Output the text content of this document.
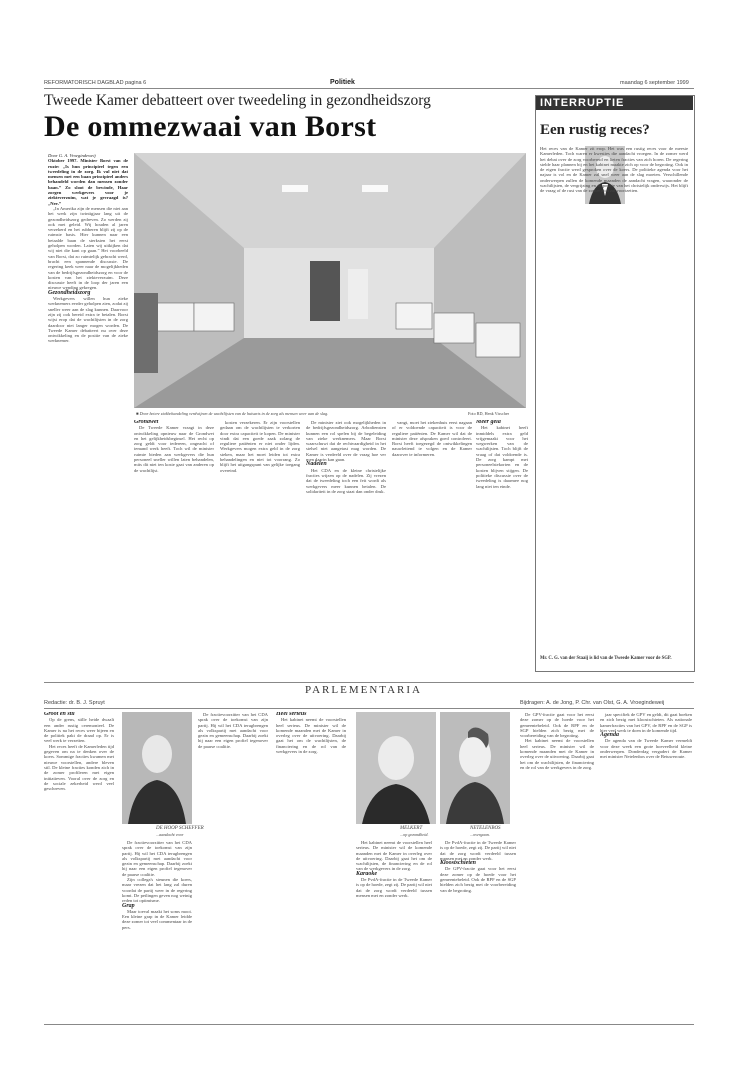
REFORMATORISCH DAGBLAD pagina 6	Politiek	maandag 6 september 1999
Tweede Kamer debatteert over tweedeling in gezondheidszorg
De ommezwaai van Borst

Door G. A. Vroegindeweij

Oktober 1997. Minister Borst van de ruzie: „Is hun principieel tegen een tweedeling in de zorg. Ik vul niet dat mensen met een baan principieel anders behandeld worden dan mensen zonder baan.” Zo sloot de bewinde, Haar zorgen werkgevers voor je ziekteverzuim, wat je gevraagd is? „Nee.”

„In Amerika zijn de mensen die niet aan het werk zijn twintigjaar lang uit de gezondheidszorg gedreven. Zo werden zij ook met geleid. Wij houden al jaren verzekerd en het rubberen blijft zij op de ruimste basis. Hier kunnen naar een betaalde baan de sterksten het eerst geholpen worden. Laten wij uitkijken dat wij niet die kant op gaan.” Het voorbeeld van Borst, dat zo ruimtelijk gebracht werd, bracht een spannende discussie. De regering keek weer naar de mogelijkheden van de bedrijfsgezondheidszorg en voor de kosten van het ziekteverzuim. Deze discussie heeft in de loop der jaren een nieuwe wending gekregen.

Gezondheidszorg

Werkgevers willen hun zieke werknemers eerder geholpen zien, zodat zij sneller weer aan de slag kunnen. Daarvoor zijn zij ook bereid extra te betalen. Borst wijst erop dat de wachtlijsten in de zorg daardoor niet langer mogen worden. De Tweede Kamer debatteert nu over deze ontwikkeling en de positie van de zieke werknemer.

■ Door betere ziekbehandeling verdwijnen de wachtlijsten van de huisarts in de zorg als mensen weer aan de slag.	Foto RD, Henk Visscher

Grondwet

De Tweede Kamer vraagt in deze ontwikkeling opnieuw naar de Grondwet en het gelijkheidsbeginsel. Het recht op zorg geldt voor iedereen, ongeacht of iemand werk heeft. Toch wil de minister ruimte bieden aan werkgevers die hun personeel sneller willen laten behandelen, mits dit niet ten koste gaat van anderen op de wachtlijst.

kosten verzekeren. Er zijn voorstellen gedaan om de wachtlijsten te verkorten door extra capaciteit te kopen. De minister vindt dat een goede zaak zolang de reguliere patiënten er niet onder lijden. Werkgevers mogen extra geld in de zorg steken, maar het moet leiden tot extra behandelingen en niet tot voorrang. Zo blijft het uitgangspunt van gelijke toegang overeind.

De minister ziet ook mogelijkheden in de bedrijfsgezondheidszorg. Arbodiensten kunnen een rol spelen bij de begeleiding van zieke werknemers. Maar Borst waarschuwt dat de rechtvaardigheid in het stelsel niet aangetast mag worden. De Kamer is verdeeld over de vraag hoe ver men daarin kan gaan.

Nadelen

Het CDA en de kleine christelijke fracties wijzen op de nadelen. Zij vrezen dat de tweedeling toch een feit wordt als werkgevers meer kunnen betalen. De solidariteit in de zorg staat dan onder druk.

vangt, moet het ziekenhuis eerst nagaan of er voldoende capaciteit is voor de reguliere patiënten. De Kamer wil dat de minister deze afspraken goed controleert. Borst heeft toegezegd de ontwikkelingen nauwlettend te volgen en de Kamer daarover te informeren.

Meer geld

Het kabinet heeft inmiddels extra geld vrijgemaakt voor het wegwerken van de wachtlijsten. Toch blijft de vraag of dat voldoende is. De zorg kampt met personeelstekorten en de kosten blijven stijgen. De politieke discussie over de tweedeling is daarmee nog lang niet ten einde.

INTERRUPTIE
Een rustig reces?
Het reces van de Kamer zit erop. Het was een rustig reces voor de meeste Kamerleden. Toch waren er kwesties die aandacht vroegen. In de zomer werd het debat over de zorg voorbereid en lieten fracties van zich horen. De regering stelde haar plannen bij en het kabinet maakte zich op voor de begroting. Ook in de eigen fractie werd gesproken over de koers. De politieke agenda voor het najaar is vol en de Kamer zal snel weer aan de slag moeten. Verschillende onderwerpen zullen de komende maanden de aandacht vragen, waaronder de wachtlijsten, de vergrijzing en de positie van het christelijk onderwijs. Het blijft de vraag of de rust van de zomer zich zal voortzetten.
Mr. C. G. van der Staaij is lid van de Tweede Kamer voor de SGP.
PARLEMENTARIA
Redactie: dr. B. J. Spruyt	Bijdragen: A. de Jong, P. Chr. van Olst, G. A. Vroegindeweij

Groot en stil

Op de grens, stille heide dwaalt een ander rustig ceremonieel. De Kamer is na het reces weer bijeen en de politiek pakt de draad op. Er is veel werk te verzetten.

Het reces heeft de Kamerleden tijd gegeven om na te denken over de koers. Sommige fracties kwamen met nieuwe voorstellen, andere bleven stil. De kleine fracties konden zich in de zomer profileren met eigen initiatieven. Vooral over de zorg en de sociale zekerheid werd veel geschreven.

DE HOOP SCHEFFER
...aandacht voor

De fractievoorzitter van het CDA sprak over de toekomst van zijn partij. Hij wil het CDA terugbrengen als volkspartij met aandacht voor gezin en gemeenschap. Daarbij zoekt hij naar een eigen profiel tegenover de paarse coalitie.

Zijn collega's steunen die koers, maar vrezen dat het lang zal duren voordat de partij weer in de regering komt. De peilingen geven nog weinig reden tot optimisme.

Grap

Maar toeval maakt het soms mooi. Een kleine grap in de Kamer leidde deze zomer tot veel commentaar in de pers.

De fractievoorzitter van het CDA sprak over de toekomst van zijn partij. Hij wil het CDA terugbrengen als volkspartij met aandacht voor gezin en gemeenschap. Daarbij zoekt hij naar een eigen profiel tegenover de paarse coalitie.

Heel serieus

Het kabinet neemt de voorstellen heel serieus. De minister wil de komende maanden met de Kamer in overleg over de uitvoering. Daarbij gaat het om de wachtlijsten, de financiering en de rol van de werkgevers in de zorg.

MELKERT
...op gezondheid.
NETELENBOS
...overgaan.

Het kabinet neemt de voorstellen heel serieus. De minister wil de komende maanden met de Kamer in overleg over de uitvoering. Daarbij gaat het om de wachtlijsten, de financiering en de rol van de werkgevers in de zorg.

Karaoke

De PvdA-fractie in de Tweede Kamer is op de hoede, zegt zij. De partij wil niet dat de zorg wordt verdeeld tussen mensen met en zonder werk.

De PvdA-fractie in de Tweede Kamer is op de hoede, zegt zij. De partij wil niet dat de zorg wordt verdeeld tussen mensen met en zonder werk.

Kloostschieten

De GPV-fractie gaat voor het eerst deze zomer op de hoede voor het gemeentebeleid. Ook de RPF en de SGP hielden zich bezig met de voorbereiding van de begroting.

De GPV-fractie gaat voor het eerst deze zomer op de hoede voor het gemeentebeleid. Ook de RPF en de SGP hielden zich bezig met de voorbereiding van de begroting.

Het kabinet neemt de voorstellen heel serieus. De minister wil de komende maanden met de Kamer in overleg over de uitvoering. Daarbij gaat het om de wachtlijsten, de financiering en de rol van de werkgevers in de zorg.

jaar specifiek de GPV en geldt, dit gaat boeken en zich bezig met kloostschieten. Als nationale kamerfracties van het GPV, de RPF en de SGP is hier veel werk te doen in de komende tijd.

Agenda

De agenda van de Tweede Kamer vermeldt voor deze week een grote hoeveelheid kleine onderwerpen. Donderdag vergadert de Kamer met minister Netelenbos over de Betuweroute.
